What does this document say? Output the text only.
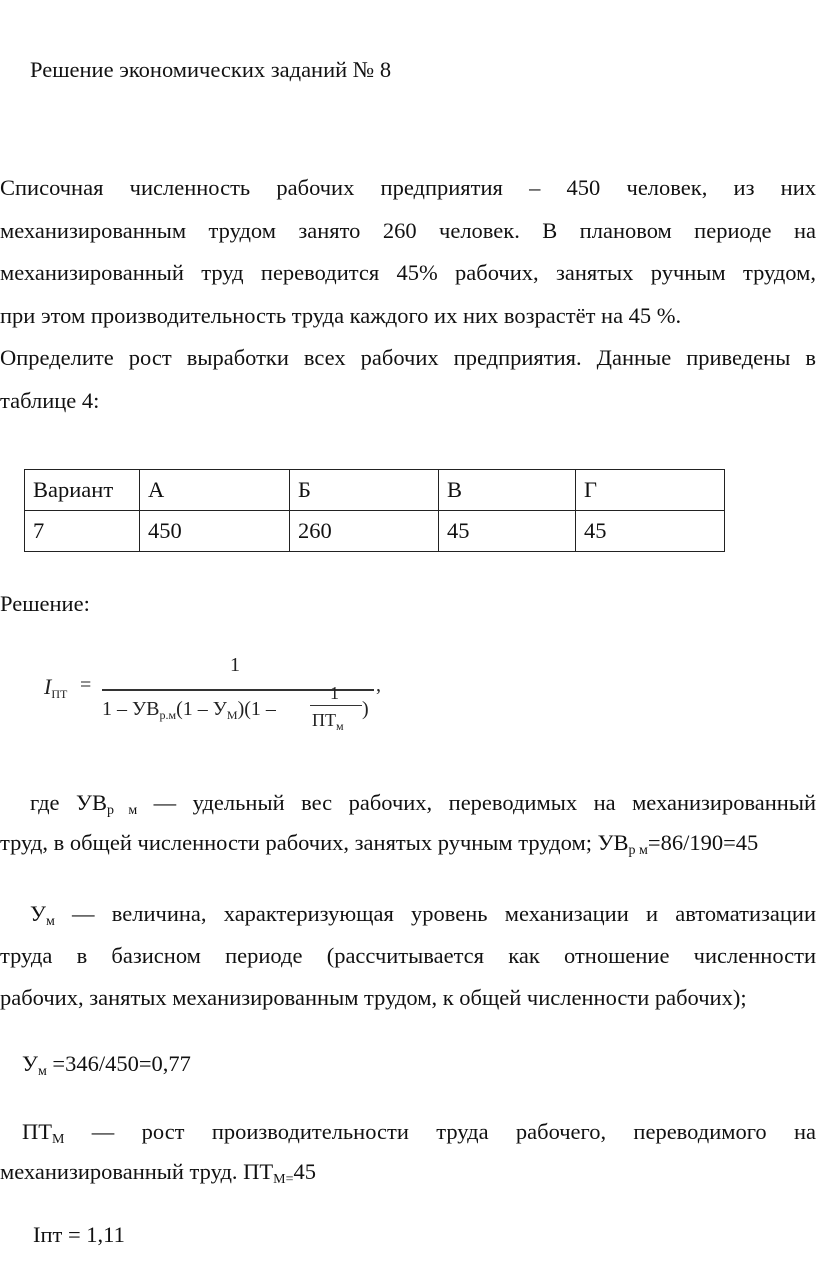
Решение экономических заданий № 8
Списочная численность рабочих предприятия – 450 человек, из них
механизированным трудом занято 260 человек. В плановом периоде на
механизированный труд переводится 45% рабочих, занятых ручным трудом,
при этом производительность труда каждого их них возрастёт на 45 %.
Определите рост выработки всех рабочих предприятия. Данные приведены в
таблице 4:
Вариант	А	Б	В	Г
7	450	260	45	45
Решение:
$I_{ПТ}$ =
1
,
$1 - УВ_{р.м}(1 - У_М)(1$ –
1
$ПТ_м$
)
где УВр м — удельный вес рабочих, переводимых на механизированный
труд, в общей численности рабочих, занятых ручным трудом; УВр м=86/190=45
Ум — величина, характеризующая уровень механизации и автоматизации
труда в базисном периоде (рассчитывается как отношение численности
рабочих, занятых механизированным трудом, к общей численности рабочих);
Ум =346/450=0,77
ПТМ — рост производительности труда рабочего, переводимого на
механизированный труд. ПТМ=45
Iпт = 1,11
